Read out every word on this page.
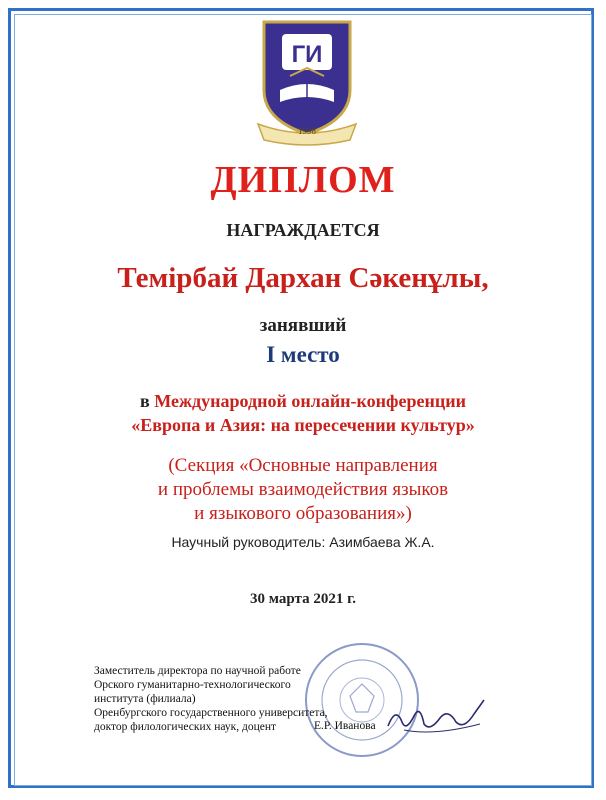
ГИ
1998
ДИПЛОМ
НАГРАЖДАЕТСЯ
Темірбай Дархан Сәкенұлы,
занявший
I место
в Международной онлайн-конференции
«Европа и Азия: на пересечении культур»
(Секция «Основные направления
и проблемы взаимодействия языков
и языкового образования»)
Научный руководитель: Азимбаева Ж.А.
30 марта 2021 г.
Заместитель директора по научной работе
Орского гуманитарно-технологического
института (филиала)
Оренбургского государственного университета,
доктор филологических наук, доцент	Е.Р. Иванова
